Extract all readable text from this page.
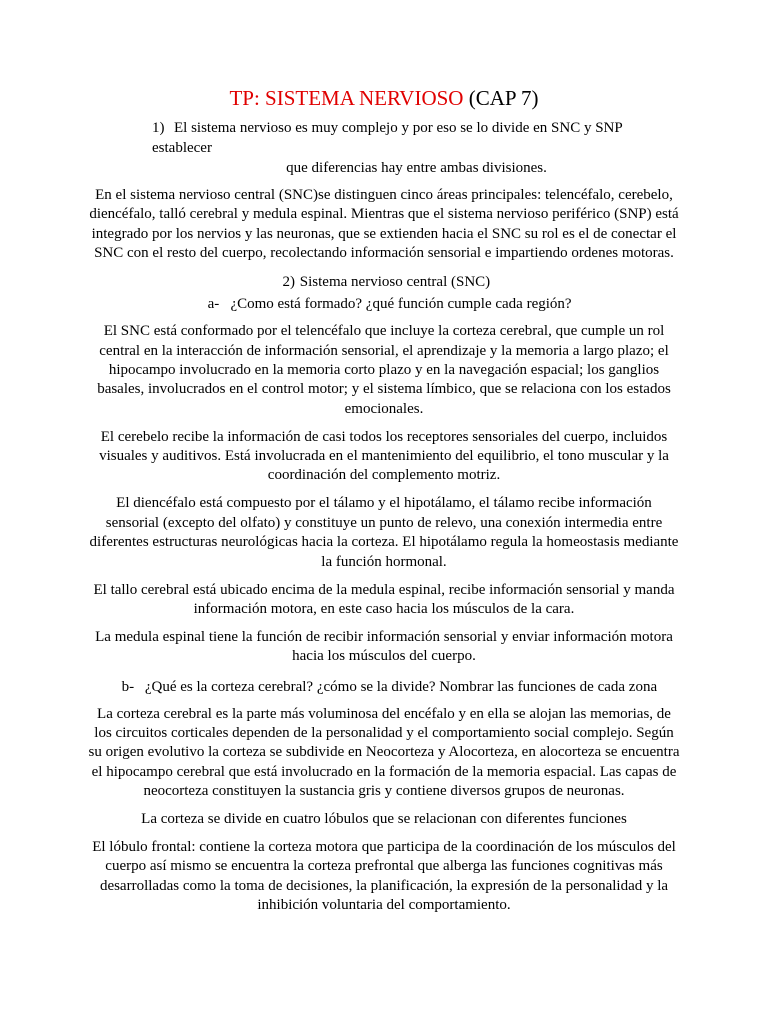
TP: SISTEMA NERVIOSO (CAP 7)
1) El sistema nervioso es muy complejo y por eso se lo divide en SNC y SNP establecer
que diferencias hay entre ambas divisiones.

En el sistema nervioso central (SNC)se distinguen cinco áreas principales: telencéfalo, cerebelo, diencéfalo, talló cerebral y medula espinal. Mientras que el sistema nervioso periférico (SNP) está integrado por los nervios y las neuronas, que se extienden hacia el SNC su rol es el de conectar el SNC con el resto del cuerpo, recolectando información sensorial e impartiendo ordenes motoras.

2) Sistema nervioso central (SNC)
a- ¿Como está formado? ¿qué función cumple cada región?

El SNC está conformado por el telencéfalo que incluye la corteza cerebral, que cumple un rol central en la interacción de información sensorial, el aprendizaje y la memoria a largo plazo; el hipocampo involucrado en la memoria corto plazo y en la navegación espacial; los ganglios basales, involucrados en el control motor; y el sistema límbico, que se relaciona con los estados emocionales.

El cerebelo recibe la información de casi todos los receptores sensoriales del cuerpo, incluidos visuales y auditivos. Está involucrada en el mantenimiento del equilibrio, el tono muscular y la coordinación del complemento motriz.

El diencéfalo está compuesto por el tálamo y el hipotálamo, el tálamo recibe información sensorial (excepto del olfato) y constituye un punto de relevo, una conexión intermedia entre diferentes estructuras neurológicas hacia la corteza. El hipotálamo regula la homeostasis mediante la función hormonal.

El tallo cerebral está ubicado encima de la medula espinal, recibe información sensorial y manda información motora, en este caso hacia los músculos de la cara.

La medula espinal tiene la función de recibir información sensorial y enviar información motora hacia los músculos del cuerpo.

b- ¿Qué es la corteza cerebral? ¿cómo se la divide? Nombrar las funciones de cada zona

La corteza cerebral es la parte más voluminosa del encéfalo y en ella se alojan las memorias, de los circuitos corticales dependen de la personalidad y el comportamiento social complejo. Según su origen evolutivo la corteza se subdivide en Neocorteza y Alocorteza, en alocorteza se encuentra el hipocampo cerebral que está involucrado en la formación de la memoria espacial. Las capas de neocorteza constituyen la sustancia gris y contiene diversos grupos de neuronas.

La corteza se divide en cuatro lóbulos que se relacionan con diferentes funciones

El lóbulo frontal: contiene la corteza motora que participa de la coordinación de los músculos del cuerpo así mismo se encuentra la corteza prefrontal que alberga las funciones cognitivas más desarrolladas como la toma de decisiones, la planificación, la expresión de la personalidad y la inhibición voluntaria del comportamiento.
